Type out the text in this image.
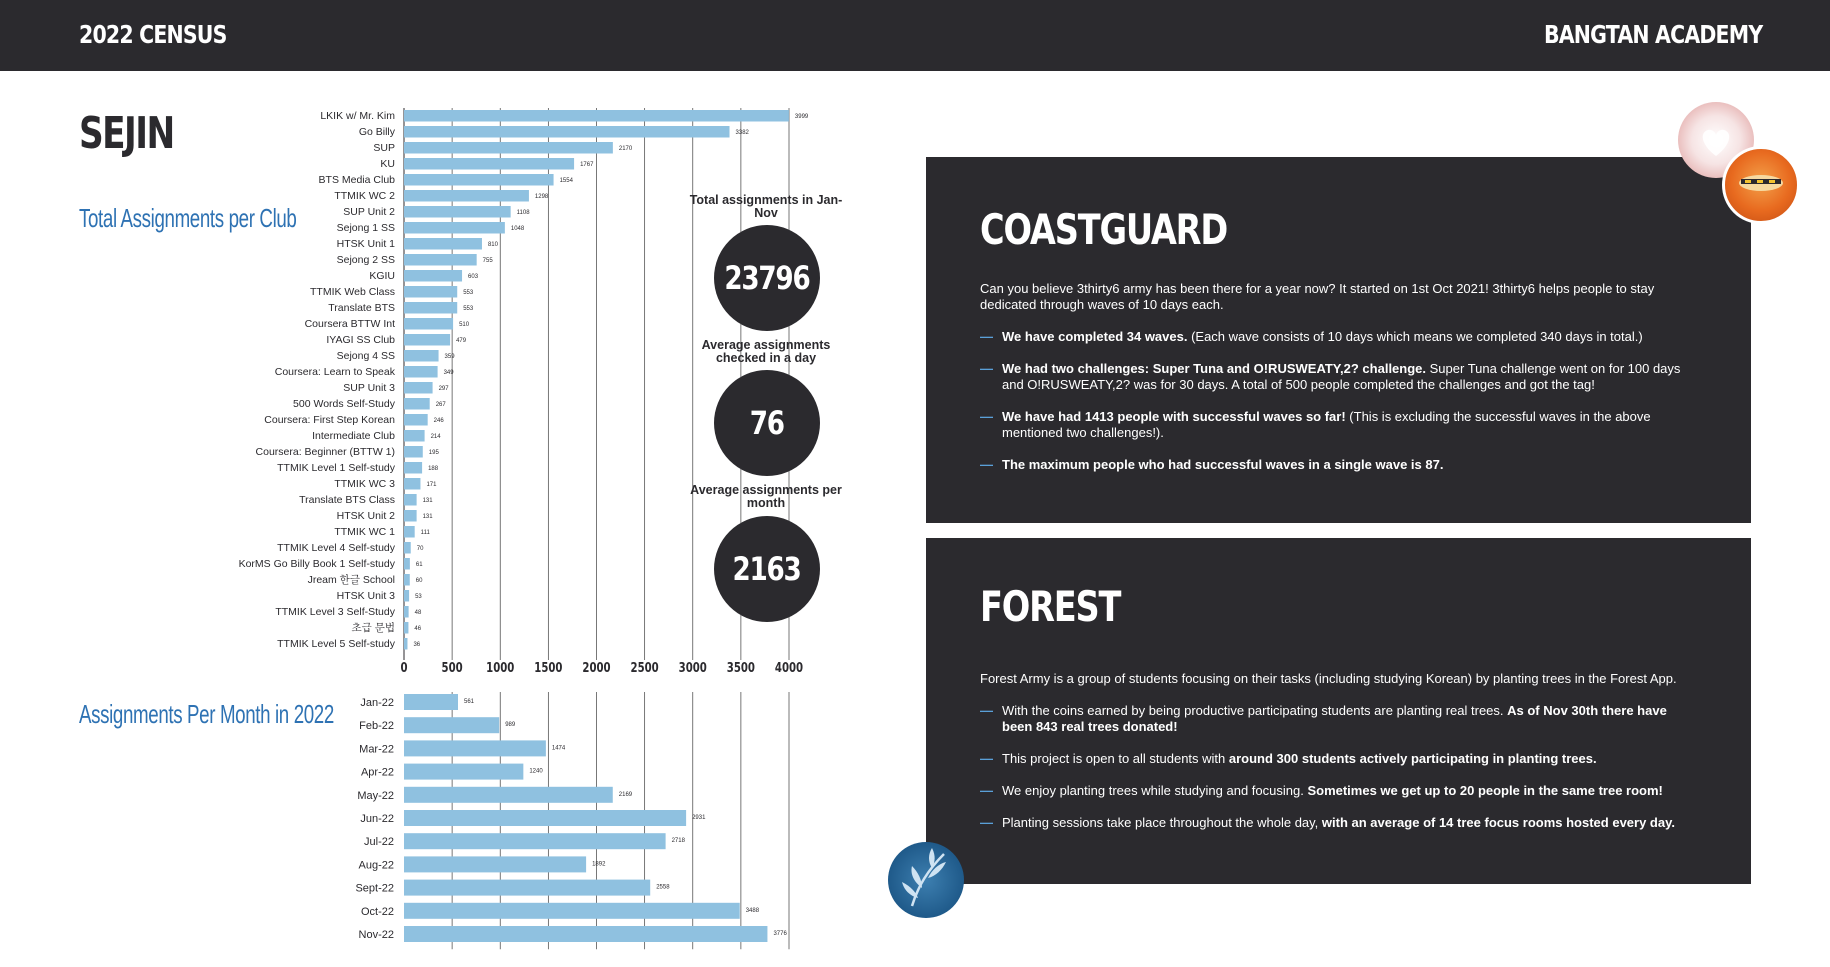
2022 CENSUS	BANGTAN ACADEMY
SEJIN
Total Assignments per Club
Assignments Per Month in 2022
LKIK w/ Mr. Kim	3999
Go Billy	3382
SUP	2170
KU	1767
BTS Media Club	1554
TTMIK WC 2	1298
SUP Unit 2	1108
Sejong 1 SS	1048
HTSK Unit 1	810
Sejong 2 SS	755
KGIU	603
TTMIK Web Class	553
Translate BTS	553
Coursera BTTW Int	510
IYAGI SS Club	479
Sejong 4 SS	359
Coursera: Learn to Speak	349
SUP Unit 3	297
500 Words Self-Study	267
Coursera: First Step Korean	246
Intermediate Club	214
Coursera: Beginner (BTTW 1)	195
TTMIK Level 1 Self-study	188
TTMIK WC 3	171
Translate BTS Class	131
HTSK Unit 2	131
TTMIK WC 1	111
TTMIK Level 4 Self-study	70
KorMS Go Billy Book 1 Self-study	61
Jream 한글 School	60
HTSK Unit 3	53
TTMIK Level 3 Self-Study	48
초급 문법	46
TTMIK Level 5 Self-study	36
0	500 1000 1500 2000 2500 3000 3500 4000
Total assignments in Jan-Nov
23796
Average assignments checked in a day
76
Average assignments per month
2163
Jan-22	561
Feb-22	989
Mar-22	1474
Apr-22	1240
May-22	2169
Jun-22	2931
Jul-22	2718
Aug-22	1892
Sept-22	2558
Oct-22	3488
Nov-22	3776
COASTGUARD
Can you believe 3thirty6 army has been there for a year now? It started on 1st Oct 2021! 3thirty6 helps people to stay dedicated through waves of 10 days each.
— We have completed 34 waves. (Each wave consists of 10 days which means we completed 340 days in total.)
— We had two challenges: Super Tuna and O!RUSWEATY,2? challenge. Super Tuna challenge went on for 100 days and O!RUSWEATY,2? was for 30 days. A total of 500 people completed the challenges and got the tag!
— We have had 1413 people with successful waves so far! (This is excluding the successful waves in the above mentioned two challenges!).
— The maximum people who had successful waves in a single wave is 87.
FOREST
Forest Army is a group of students focusing on their tasks (including studying Korean) by planting trees in the Forest App.
— With the coins earned by being productive participating students are planting real trees. As of Nov 30th there have been 843 real trees donated!
— This project is open to all students with around 300 students actively participating in planting trees.
— We enjoy planting trees while studying and focusing. Sometimes we get up to 20 people in the same tree room!
— Planting sessions take place throughout the whole day, with an average of 14 tree focus rooms hosted every day.
